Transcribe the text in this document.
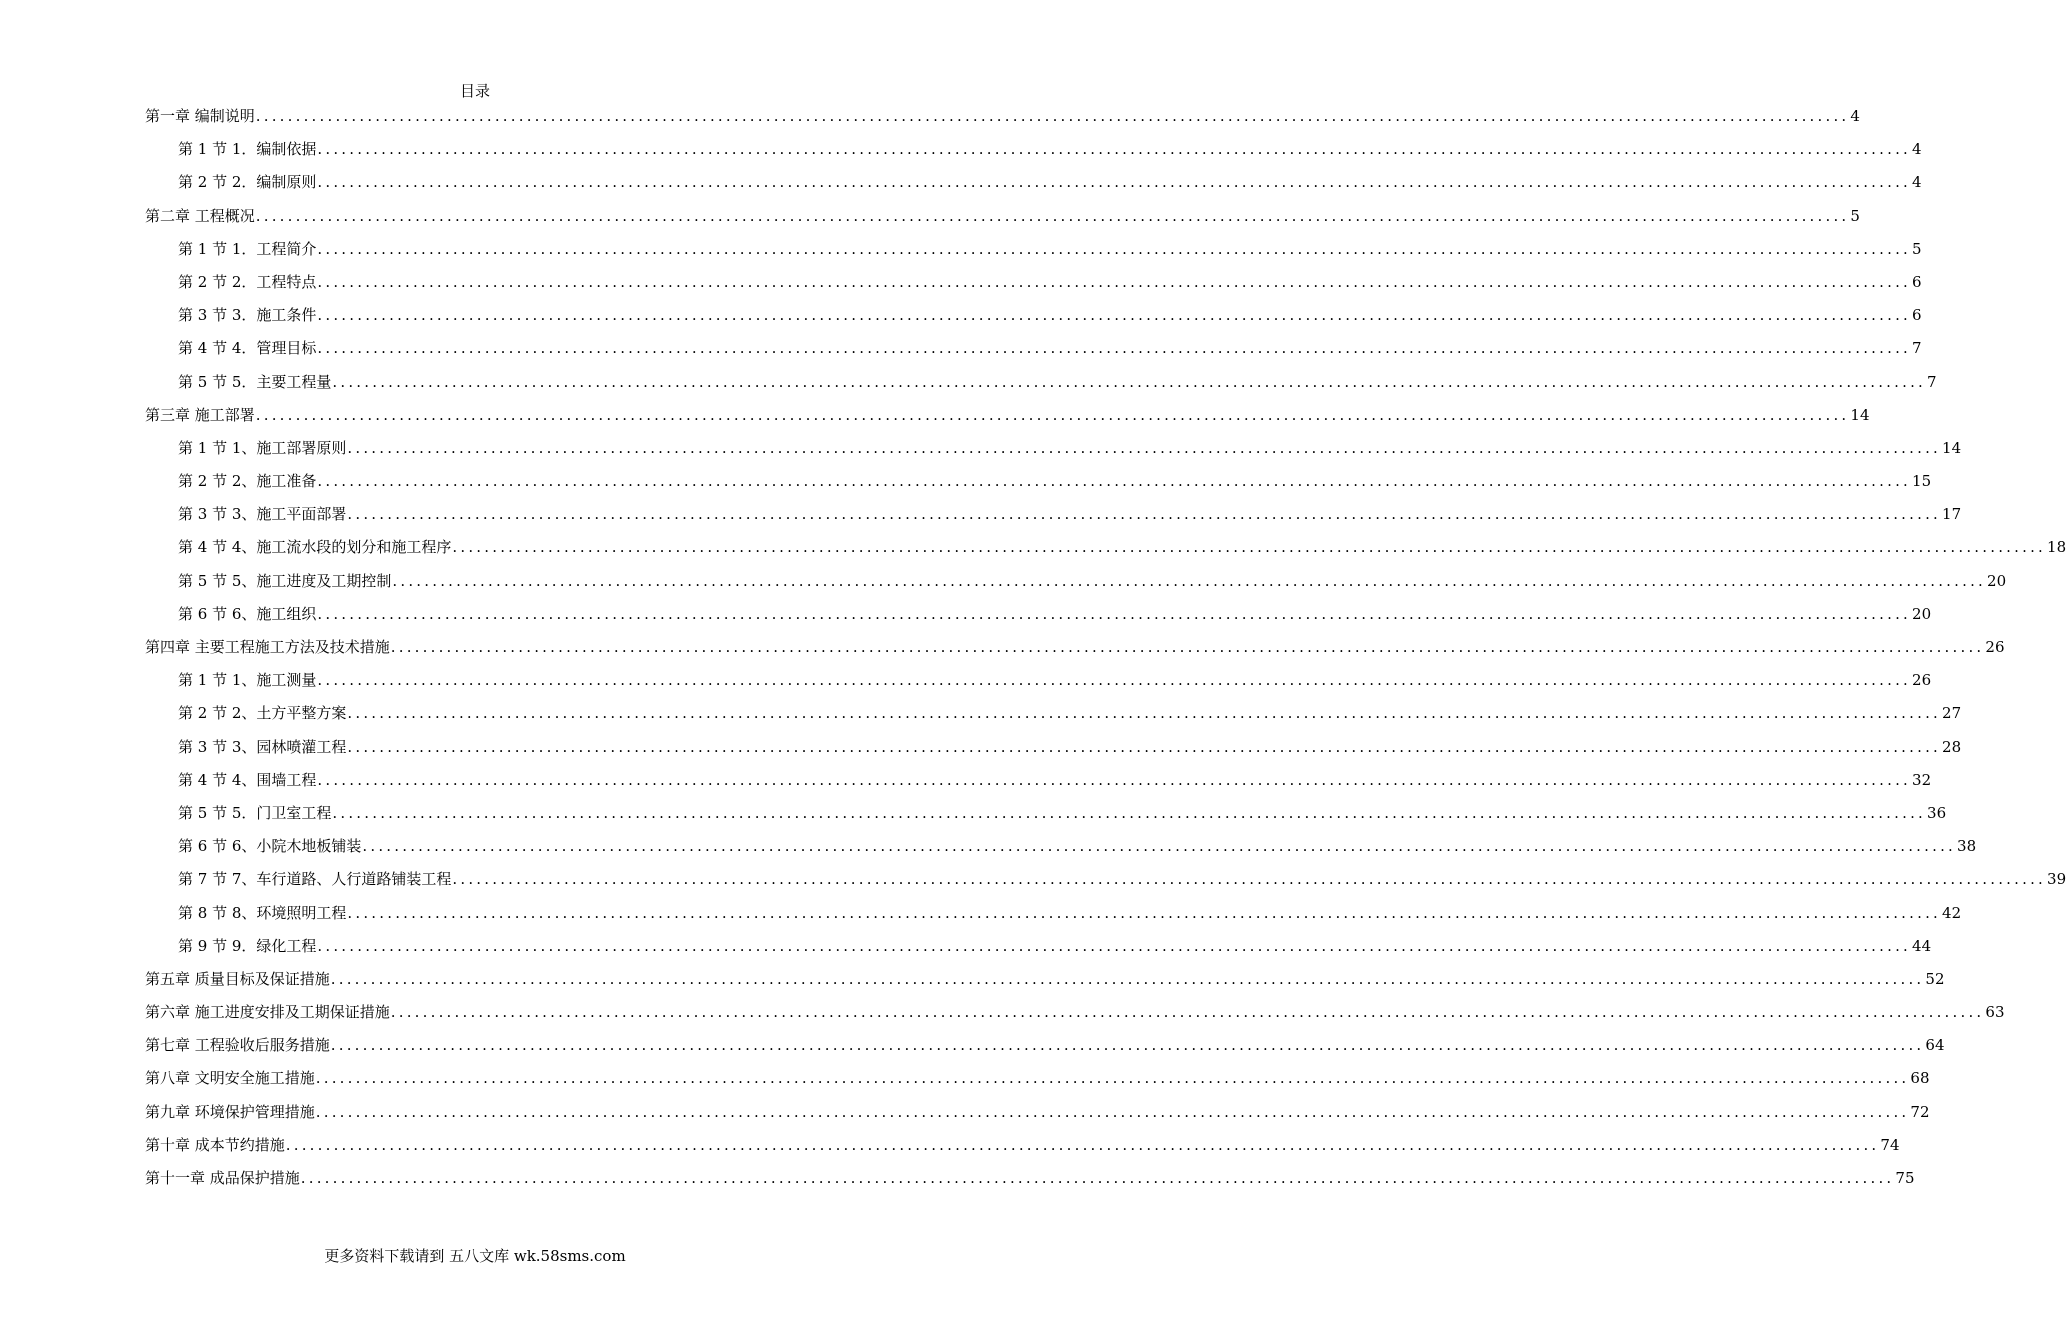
目录
第一章 编制说明 ........................................................................................................................................................................................................ 4
第 1 节 1．编制依据 ........................................................................................................................................................................................................ 4
第 2 节 2．编制原则 ........................................................................................................................................................................................................ 4
第二章 工程概况 ........................................................................................................................................................................................................ 5
第 1 节 1．工程简介 ........................................................................................................................................................................................................ 5
第 2 节 2．工程特点 ........................................................................................................................................................................................................ 6
第 3 节 3．施工条件 ........................................................................................................................................................................................................ 6
第 4 节 4．管理目标 ........................................................................................................................................................................................................ 7
第 5 节 5．主要工程量 ........................................................................................................................................................................................................ 7
第三章 施工部署 ........................................................................................................................................................................................................ 14
第 1 节 1、施工部署原则 ........................................................................................................................................................................................................ 14
第 2 节 2、施工准备 ........................................................................................................................................................................................................ 15
第 3 节 3、施工平面部署 ........................................................................................................................................................................................................ 17
第 4 节 4、施工流水段的划分和施工程序 ........................................................................................................................................................................................................ 18
第 5 节 5、施工进度及工期控制 ........................................................................................................................................................................................................ 20
第 6 节 6、施工组织 ........................................................................................................................................................................................................ 20
第四章 主要工程施工方法及技术措施 ........................................................................................................................................................................................................ 26
第 1 节 1、施工测量 ........................................................................................................................................................................................................ 26
第 2 节 2、土方平整方案 ........................................................................................................................................................................................................ 27
第 3 节 3、园林喷灌工程 ........................................................................................................................................................................................................ 28
第 4 节 4、围墙工程 ........................................................................................................................................................................................................ 32
第 5 节 5．门卫室工程 ........................................................................................................................................................................................................ 36
第 6 节 6、小院木地板铺装 ........................................................................................................................................................................................................ 38
第 7 节 7、车行道路、人行道路铺装工程 ........................................................................................................................................................................................................ 39
第 8 节 8、环境照明工程 ........................................................................................................................................................................................................ 42
第 9 节 9．绿化工程 ........................................................................................................................................................................................................ 44
第五章 质量目标及保证措施 ........................................................................................................................................................................................................ 52
第六章 施工进度安排及工期保证措施 ........................................................................................................................................................................................................ 63
第七章 工程验收后服务措施 ........................................................................................................................................................................................................ 64
第八章 文明安全施工措施 ........................................................................................................................................................................................................ 68
第九章 环境保护管理措施 ........................................................................................................................................................................................................ 72
第十章 成本节约措施 ........................................................................................................................................................................................................ 74
第十一章 成品保护措施 ........................................................................................................................................................................................................ 75
更多资料下载请到 五八文库 wk.58sms.com
